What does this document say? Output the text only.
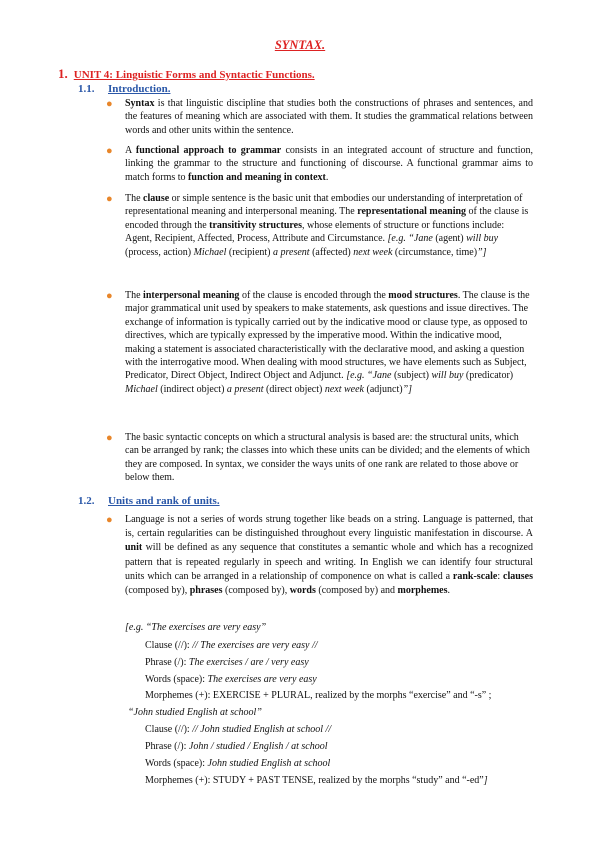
SYNTAX.
1. UNIT 4: Linguistic Forms and Syntactic Functions.
1.1. Introduction.
● Syntax is that linguistic discipline that studies both the constructions of phrases and sentences, and the features of meaning which are associated with them. It studies the grammatical relations between words and other units within the sentence.

● A functional approach to grammar consists in an integrated account of structure and function, linking the grammar to the structure and functioning of discourse. A functional grammar aims to match forms to function and meaning in context.

● The clause or simple sentence is the basic unit that embodies our understanding of interpretation of representational meaning and interpersonal meaning. The representational meaning of the clause is encoded through the transitivity structures, whose elements of structure or functions include: Agent, Recipient, Affected, Process, Attribute and Circumstance. [e.g. “Jane (agent) will buy (process, action) Michael (recipient) a present (affected) next week (circumstance, time)”]

● The interpersonal meaning of the clause is encoded through the mood structures. The clause is the major grammatical unit used by speakers to make statements, ask questions and issue directives. The exchange of information is typically carried out by the indicative mood or clause type, as opposed to directives, which are typically expressed by the imperative mood. Within the indicative mood, making a statement is associated characteristically with the declarative mood, and asking a question with the interrogative mood. When dealing with mood structures, we have elements such as Subject, Predicator, Direct Object, Indirect Object and Adjunct. [e.g. “Jane (subject) will buy (predicator) Michael (indirect object) a present (direct object) next week (adjunct)”]

● The basic syntactic concepts on which a structural analysis is based are: the structural units, which can be arranged by rank; the classes into which these units can be divided; and the elements of which they are composed. In syntax, we consider the ways units of one rank are related to those above or below them.

1.2. Units and rank of units.
● Language is not a series of words strung together like beads on a string. Language is patterned, that is, certain regularities can be distinguished throughout every linguistic manifestation in discourse. A unit will be defined as any sequence that constitutes a semantic whole and which has a recognized pattern that is repeated regularly in speech and writing. In English we can identify four structural units which can be arranged in a relationship of componence on what is called a rank-scale: clauses (composed by), phrases (composed by), words (composed by) and morphemes.

[e.g. “The exercises are very easy”
Clause (//): // The exercises are very easy //
Phrase (/): The exercises / are / very easy
Words (space): The exercises are very easy
Morphemes (+): EXERCISE + PLURAL, realized by the morphs “exercise” and “-s” ;
“John studied English at school”
Clause (//): // John studied English at school //
Phrase (/): John / studied / English / at school
Words (space): John studied English at school
Morphemes (+): STUDY + PAST TENSE, realized by the morphs “study” and “-ed”]
